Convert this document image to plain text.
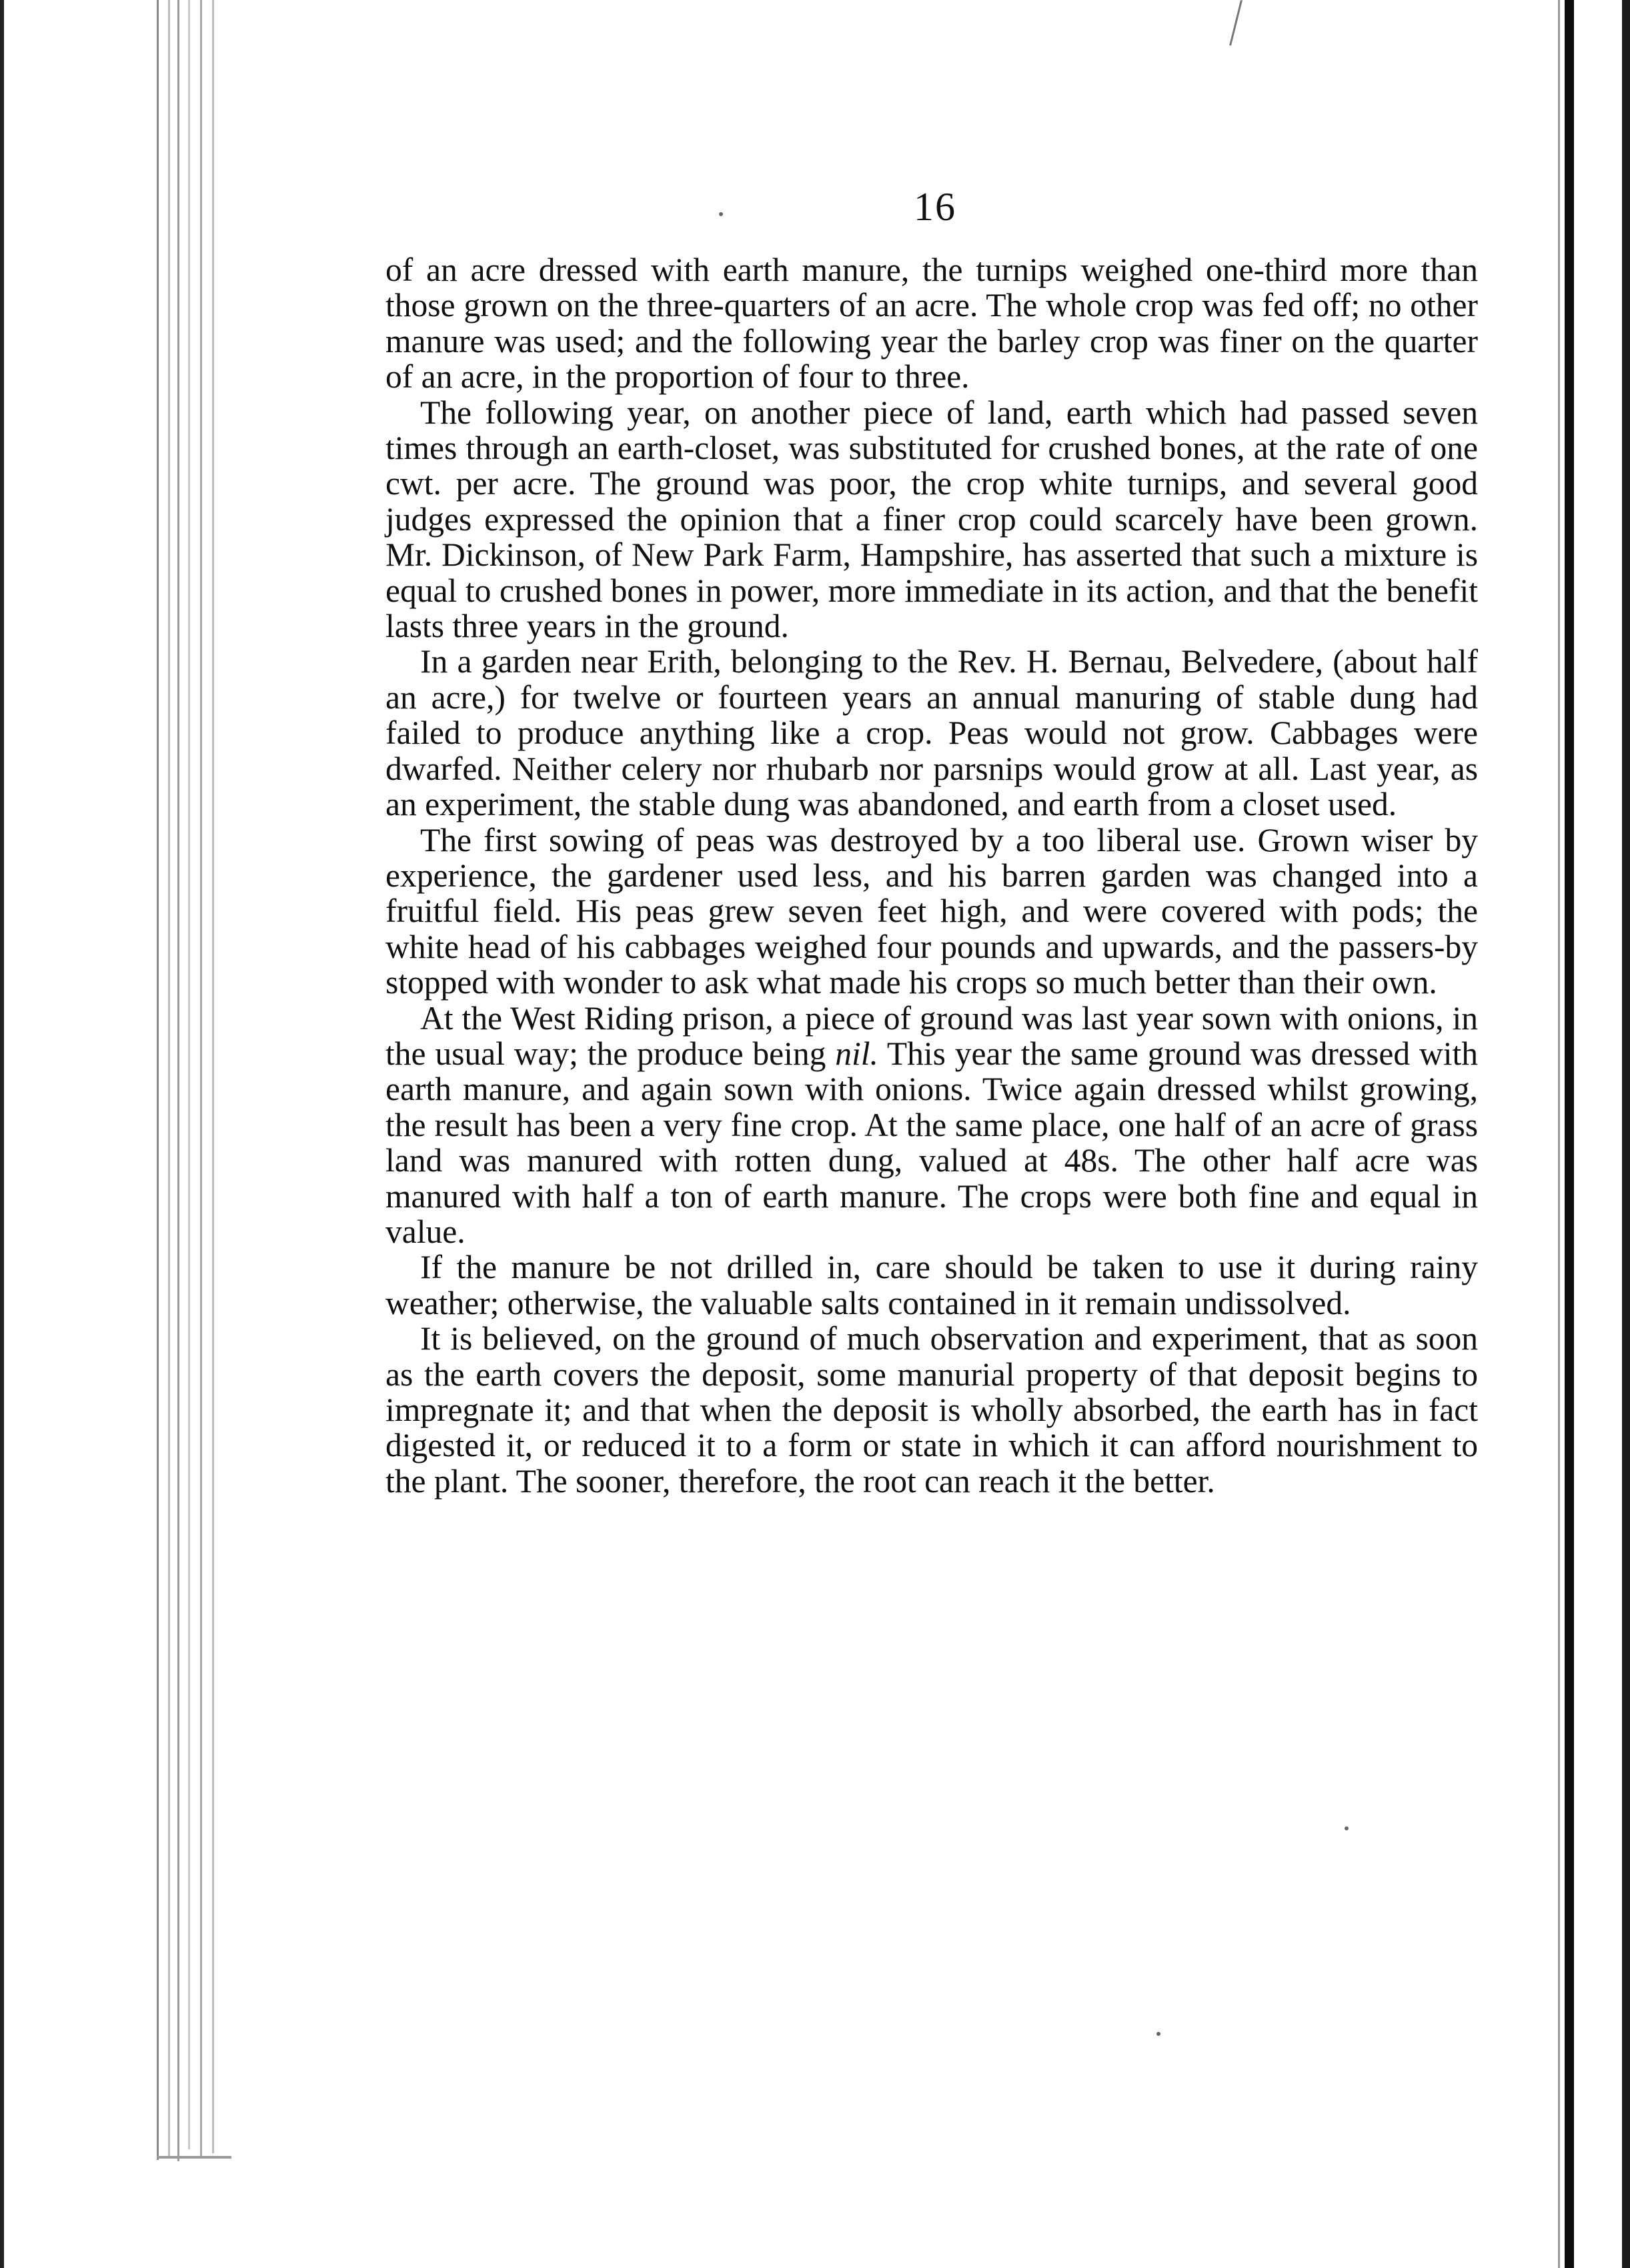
16

of an acre dressed with earth manure, the turnips weighed one-third more than those grown on the three-quarters of an acre. The whole crop was fed off; no other manure was used; and the following year the barley crop was finer on the quarter of an acre, in the proportion of four to three.

The following year, on another piece of land, earth which had passed seven times through an earth-closet, was substituted for crushed bones, at the rate of one cwt. per acre. The ground was poor, the crop white turnips, and several good judges expressed the opinion that a finer crop could scarcely have been grown. Mr. Dickinson, of New Park Farm, Hampshire, has asserted that such a mixture is equal to crushed bones in power, more immediate in its action, and that the benefit lasts three years in the ground.

In a garden near Erith, belonging to the Rev. H. Bernau, Belvedere, (about half an acre,) for twelve or fourteen years an annual manuring of stable dung had failed to produce anything like a crop. Peas would not grow. Cabbages were dwarfed. Neither celery nor rhubarb nor parsnips would grow at all. Last year, as an experiment, the stable dung was abandoned, and earth from a closet used.

The first sowing of peas was destroyed by a too liberal use. Grown wiser by experience, the gardener used less, and his barren garden was changed into a fruitful field. His peas grew seven feet high, and were covered with pods; the white head of his cabbages weighed four pounds and upwards, and the passers-by stopped with wonder to ask what made his crops so much better than their own.

At the West Riding prison, a piece of ground was last year sown with onions, in the usual way; the produce being nil. This year the same ground was dressed with earth manure, and again sown with onions. Twice again dressed whilst growing, the result has been a very fine crop. At the same place, one half of an acre of grass land was manured with rotten dung, valued at 48s. The other half acre was manured with half a ton of earth manure. The crops were both fine and equal in value.

If the manure be not drilled in, care should be taken to use it during rainy weather; otherwise, the valuable salts contained in it remain undissolved.

It is believed, on the ground of much observation and experiment, that as soon as the earth covers the deposit, some manurial property of that deposit begins to impregnate it; and that when the deposit is wholly absorbed, the earth has in fact digested it, or reduced it to a form or state in which it can afford nourishment to the plant. The sooner, therefore, the root can reach it the better.
